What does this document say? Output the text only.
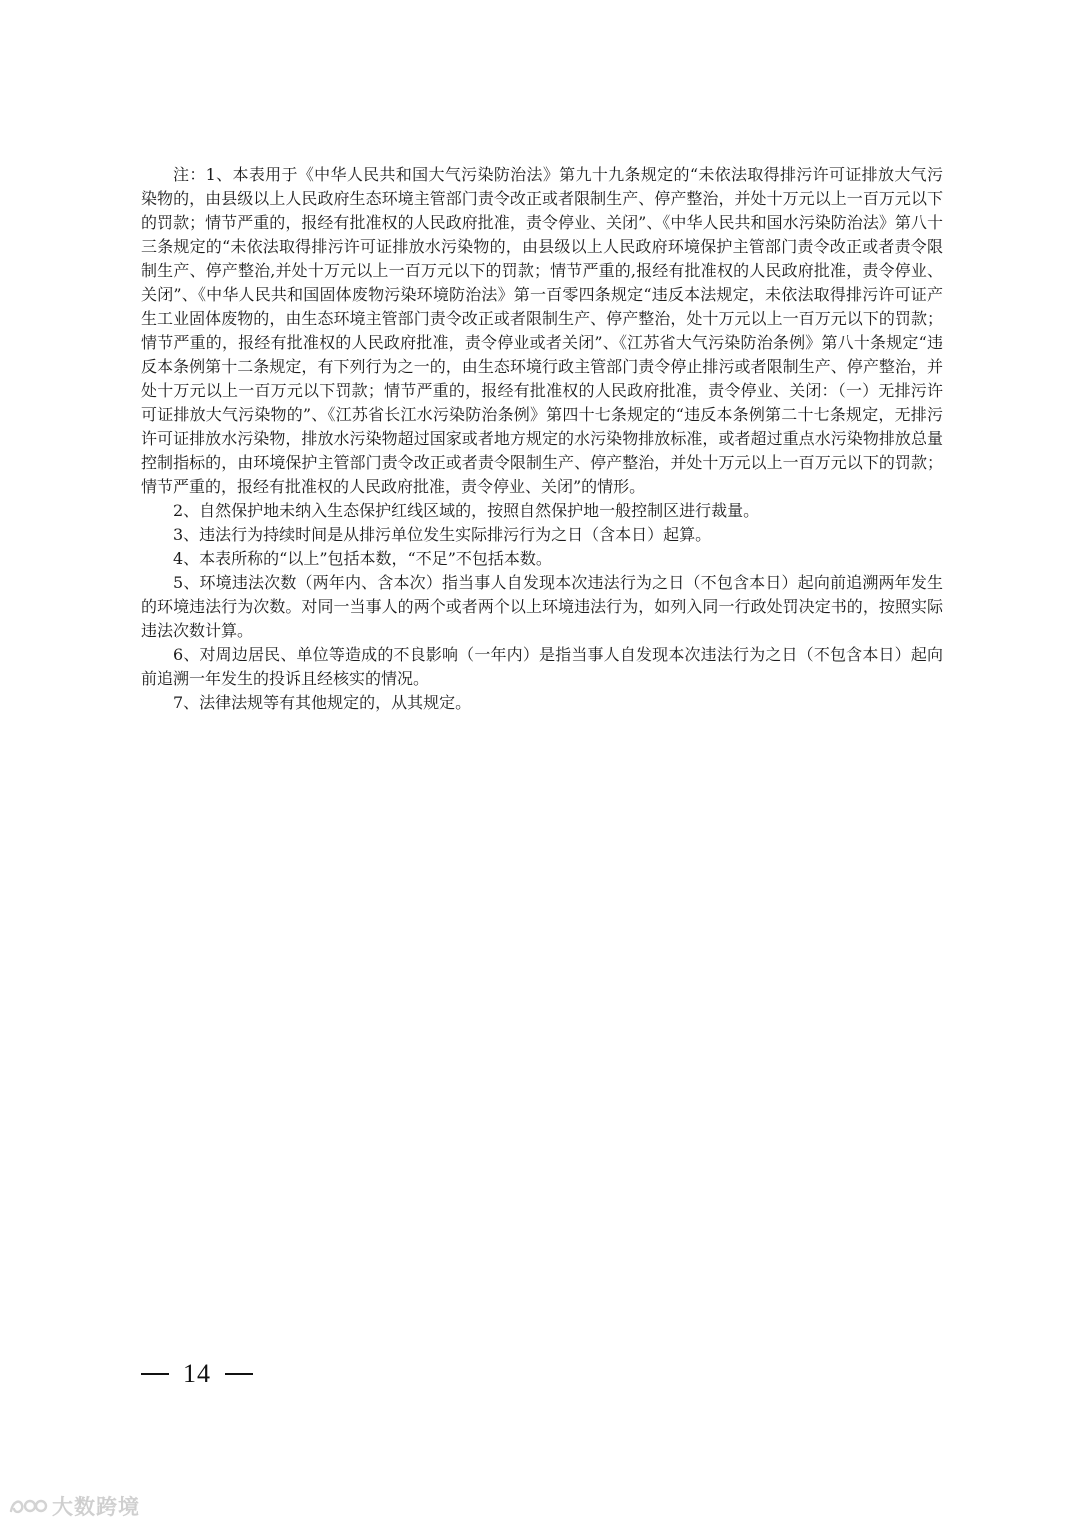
注：1、本表用于《中华人民共和国大气污染防治法》第九十九条规定的“未依法取得排污许可证排放大气污染物的，由县级以上人民政府生态环境主管部门责令改正或者限制生产、停产整治，并处十万元以上一百万元以下的罚款；情节严重的，报经有批准权的人民政府批准，责令停业、关闭”、《中华人民共和国水污染防治法》第八十三条规定的“未依法取得排污许可证排放水污染物的，由县级以上人民政府环境保护主管部门责令改正或者责令限制生产、停产整治,并处十万元以上一百万元以下的罚款；情节严重的,报经有批准权的人民政府批准，责令停业、关闭”、《中华人民共和国固体废物污染环境防治法》第一百零四条规定“违反本法规定，未依法取得排污许可证产生工业固体废物的，由生态环境主管部门责令改正或者限制生产、停产整治，处十万元以上一百万元以下的罚款；情节严重的，报经有批准权的人民政府批准，责令停业或者关闭”、《江苏省大气污染防治条例》第八十条规定“违反本条例第十二条规定，有下列行为之一的，由生态环境行政主管部门责令停止排污或者限制生产、停产整治，并处十万元以上一百万元以下罚款；情节严重的，报经有批准权的人民政府批准，责令停业、关闭：（一）无排污许可证排放大气污染物的”、《江苏省长江水污染防治条例》第四十七条规定的“违反本条例第二十七条规定，无排污许可证排放水污染物，排放水污染物超过国家或者地方规定的水污染物排放标准，或者超过重点水污染物排放总量控制指标的，由环境保护主管部门责令改正或者责令限制生产、停产整治，并处十万元以上一百万元以下的罚款；情节严重的，报经有批准权的人民政府批准，责令停业、关闭”的情形。

2、自然保护地未纳入生态保护红线区域的，按照自然保护地一般控制区进行裁量。

3、违法行为持续时间是从排污单位发生实际排污行为之日（含本日）起算。

4、本表所称的“以上”包括本数，“不足”不包括本数。

5、环境违法次数（两年内、含本次）指当事人自发现本次违法行为之日（不包含本日）起向前追溯两年发生的环境违法行为次数。对同一当事人的两个或者两个以上环境违法行为，如列入同一行政处罚决定书的，按照实际违法次数计算。

6、对周边居民、单位等造成的不良影响（一年内）是指当事人自发现本次违法行为之日（不包含本日）起向前追溯一年发生的投诉且经核实的情况。

7、法律法规等有其他规定的，从其规定。

14
大数跨境
